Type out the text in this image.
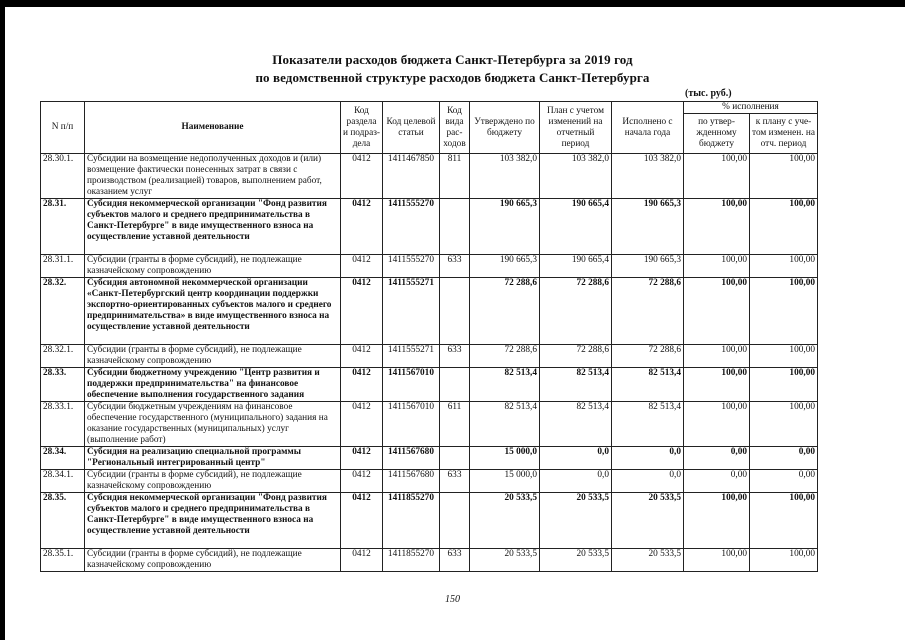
Показатели расходов бюджета Санкт-Петербурга за 2019 год
по ведомственной структуре расходов бюджета Санкт-Петербурга
(тыс. руб.)
N п/п	Наименование	Код раздела и подраз-дела	Код целевой статьи	Код вида рас-ходов	Утверждено по бюджету	План с учетом изменений на отчетный период	Исполнено с начала года	% исполнения	
								по утвер-жденному бюджету	к плану с уче-том изменен. на отч. период
28.30.1.	Субсидии на возмещение недополученных доходов и (или) возмещение фактически понесенных затрат в связи с производством (реализацией) товаров, выполнением работ, оказанием услуг	0412	1411467850	811	103 382,0	103 382,0	103 382,0	100,00	100,00
28.31.	Субсидия некоммерческой организации "Фонд развития субъектов малого и среднего предпринимательства в Санкт-Петербурге" в виде имущественного взноса на осуществление уставной деятельности	0412	1411555270		190 665,3	190 665,4	190 665,3	100,00	100,00
28.31.1.	Субсидии (гранты в форме субсидий), не подлежащие казначейскому сопровождению	0412	1411555270	633	190 665,3	190 665,4	190 665,3	100,00	100,00
28.32.	Субсидия автономной некоммерческой организации «Санкт-Петербургский центр координации поддержки экспортно-ориентированных субъектов малого и среднего предпринимательства» в виде имущественного взноса на осуществление уставной деятельности	0412	1411555271		72 288,6	72 288,6	72 288,6	100,00	100,00
28.32.1.	Субсидии (гранты в форме субсидий), не подлежащие казначейскому сопровождению	0412	1411555271	633	72 288,6	72 288,6	72 288,6	100,00	100,00
28.33.	Субсидии бюджетному учреждению "Центр развития и поддержки предпринимательства" на финансовое обеспечение выполнения государственного задания	0412	1411567010		82 513,4	82 513,4	82 513,4	100,00	100,00
28.33.1.	Субсидии бюджетным учреждениям на финансовое обеспечение государственного (муниципального) задания на оказание государственных (муниципальных) услуг (выполнение работ)	0412	1411567010	611	82 513,4	82 513,4	82 513,4	100,00	100,00
28.34.	Субсидия на реализацию специальной программы "Региональный интегрированный центр"	0412	1411567680		15 000,0	0,0	0,0	0,00	0,00
28.34.1.	Субсидии (гранты в форме субсидий), не подлежащие казначейскому сопровождению	0412	1411567680	633	15 000,0	0,0	0,0	0,00	0,00
28.35.	Субсидия некоммерческой организации "Фонд развития субъектов малого и среднего предпринимательства в Санкт-Петербурге" в виде имущественного взноса на осуществление уставной деятельности	0412	1411855270		20 533,5	20 533,5	20 533,5	100,00	100,00
28.35.1.	Субсидии (гранты в форме субсидий), не подлежащие казначейскому сопровождению	0412	1411855270	633	20 533,5	20 533,5	20 533,5	100,00	100,00
150
